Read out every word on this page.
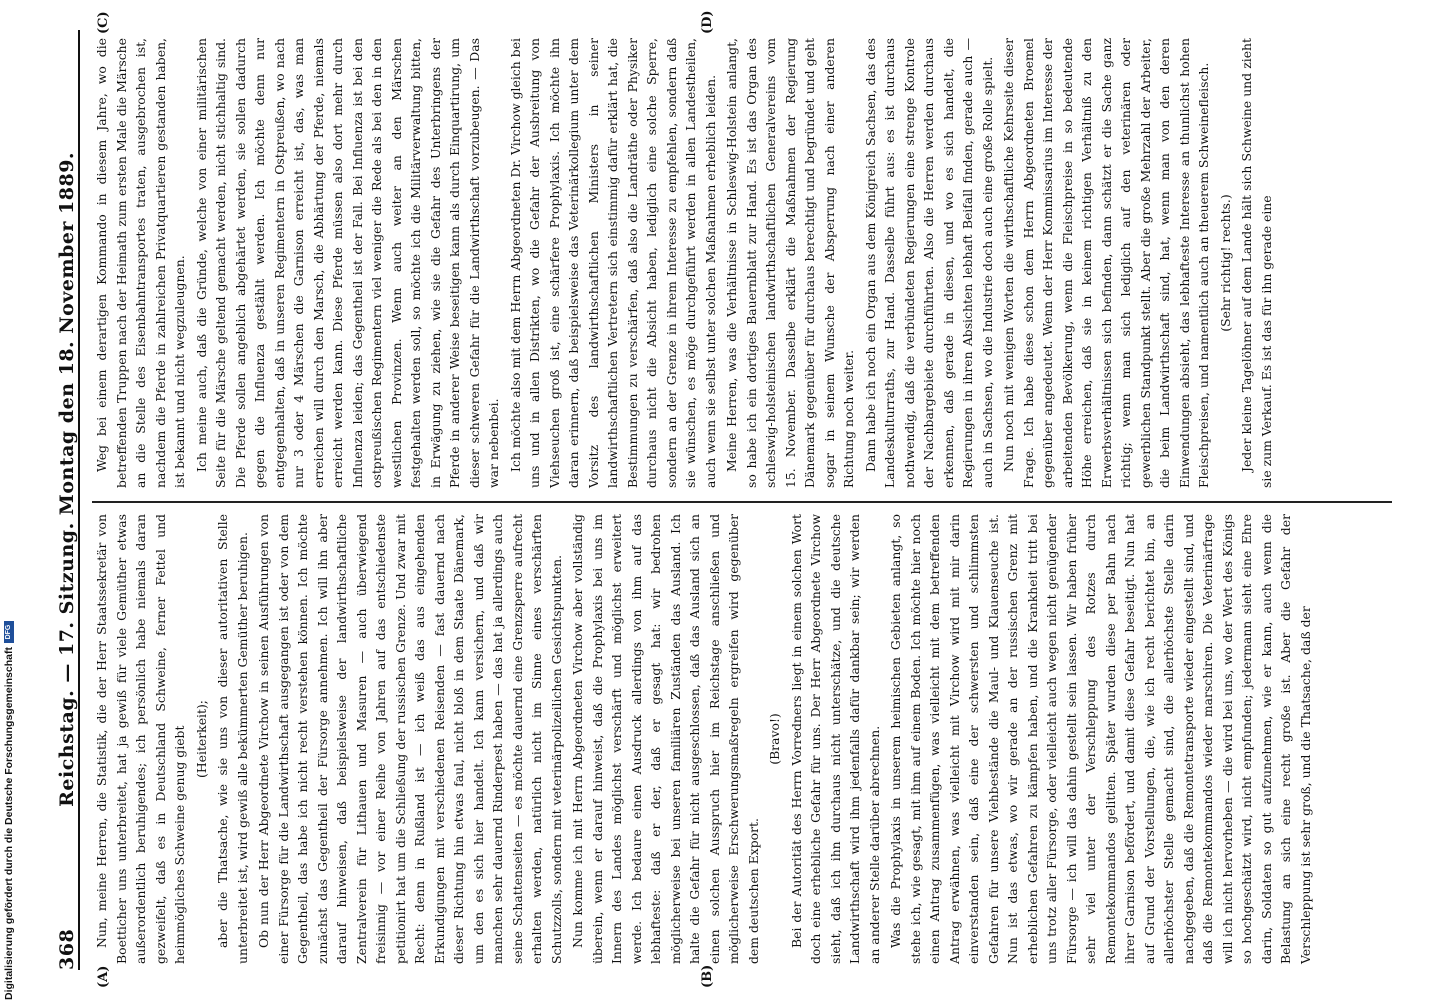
368
Reichstag. — 17. Sitzung. Montag den 18. November 1889.
(A)	(B)
(C)	(D)

Nun, meine Herren, die Statistik, die der Herr Staatssekretär von Boetticher uns unterbreitet, hat ja gewiß für viele Gemüther etwas außerordentlich beruhigendes; ich persönlich habe niemals daran gezweifelt, daß es in Deutschland Schweine, ferner Fettel und heimmögliches Schweine genug giebt (Heiterkeit); aber die Thatsache, wie sie uns von dieser autoritativen Stelle unterbreitet ist, wird gewiß alle bekümmerten Gemüther beruhigen. Ob nun der Herr Abgeordnete Virchow in seinen Ausführungen von einer Fürsorge für die Landwirthschaft ausgegangen ist oder von dem Gegentheil, das habe ich nicht recht verstehen können. Ich möchte zunächst das Gegentheil der Fürsorge annehmen. Ich will ihn aber darauf hinweisen, daß beispielsweise der landwirthschaftliche Zentralverein für Lithauen und Masuren — auch überwiegend freisinnig — vor einer Reihe von Jahren auf das entschiedenste petitionirt hat um die Schließung der russischen Grenze. Und zwar mit Recht: denn in Rußland ist — ich weiß das aus eingehenden Erkundigungen mit verschiedenen Reisenden — fast dauernd nach dieser Richtung hin etwas faul, nicht bloß in dem Staate Dänemark, um den es sich hier handelt. Ich kann versichern, und daß wir manchen sehr dauernd Rinderpest haben — das hat ja allerdings auch seine Schattenseiten — es möchte dauernd eine Grenzsperre aufrecht erhalten werden, natürlich nicht im Sinne eines verschärften Schutzzolls, sondern mit veterinärpolizeilichen Gesichtspunkten. Nun komme ich mit Herrn Abgeordneten Virchow aber vollständig überein, wenn er darauf hinweist, daß die Prophylaxis bei uns im Innern des Landes möglichst verschärft und möglichst erweitert werde. Ich bedaure einen Ausdruck allerdings von ihm auf das lebhafteste: daß er der, daß er gesagt hat: wir bedrohen möglicherweise bei unseren familiären Zuständen das Ausland. Ich halte die Gefahr für nicht ausgeschlossen, daß das Ausland sich an einen solchen Ausspruch hier im Reichstage anschließen und möglicherweise Erschwerungsmaßregeln ergreifen wird gegenüber dem deutschen Export.

(Bravo!) Bei der Autorität des Herrn Vorredners liegt in einem solchen Wort doch eine erhebliche Gefahr für uns. Der Herr Abgeordnete Virchow sieht, daß ich ihn durchaus nicht unterschätze, und die deutsche Landwirthschaft wird ihm jedenfalls dafür dankbar sein; wir werden an anderer Stelle darüber abrechnen. Was die Prophylaxis in unserem heimischen Gebieten anlangt, so stehe ich, wie gesagt, mit ihm auf einem Boden. Ich möchte hier noch einen Antrag zusammenfügen, was vielleicht mit dem betreffenden Antrag erwähnen, was vielleicht mit Virchow wird mit mir darin einverstanden sein, daß eine der schwersten und schlimmsten Gefahren für unsere Viehbestände die Maul- und Klauenseuche ist. Nun ist das etwas, wo wir gerade an der russischen Grenz mit erheblichen Gefahren zu kämpfen haben, und die Krankheit tritt bei uns trotz aller Fürsorge, oder vielleicht auch wegen nicht genügender Fürsorge — ich will das dahin gestellt sein lassen. Wir haben früher sehr viel unter der Verschleppung des Rotzes durch Remontekommandos gelitten. Später wurden diese per Bahn nach ihrer Garnison befördert, und damit diese Gefahr beseitigt. Nun hat auf Grund der Vorstellungen, die, wie ich recht berichtet bin, an allerhöchster Stelle gemacht sind, die allerhöchste Stelle darin nachgegeben, daß die Remontetransporte wieder eingestellt sind, und daß die Remontekommandos wieder marschiren. Die Veterinärfrage will ich nicht hervorheben — die wird bei uns, wo der Wert des Königs so hochgeschätzt wird, nicht empfunden; jedermann sieht eine Ehre darin, Soldaten so gut aufzunehmen, wie er kann, auch wenn die Belastung an sich eine recht große ist. Aber die Gefahr der Verschleppung ist sehr groß, und die Thatsache, daß der

Weg bei einem derartigen Kommando in diesem Jahre, wo die betreffenden Truppen nach der Heimath zum ersten Male die Märsche an die Stelle des Eisenbahntransportes traten, ausgebrochen ist, nachdem die Pferde in zahlreichen Privatquartieren gestanden haben, ist bekannt und nicht wegzuleugnen. Ich meine auch, daß die Gründe, welche von einer militärischen Seite für die Märsche geltend gemacht werden, nicht stichhaltig sind. Die Pferde sollen angeblich abgehärtet werden, sie sollen dadurch gegen die Influenza gestählt werden. Ich möchte denn nur entgegenhalten, daß in unseren Regimentern in Ostpreußen, wo nach nur 3 oder 4 Märschen die Garnison erreicht ist, das, was man erreichen will durch den Marsch, die Abhärtung der Pferde, niemals erreicht werden kann. Diese Pferde müssen also dort mehr durch Influenza leiden; das Gegentheil ist der Fall. Bei Influenza ist bei den ostpreußischen Regimentern viel weniger die Rede als bei den in den westlichen Provinzen. Wenn auch weiter an den Märschen festgehalten werden soll, so möchte ich die Militärverwaltung bitten, in Erwägung zu ziehen, wie sie die Gefahr des Unterbringens der Pferde in anderer Weise beseitigen kann als durch Einquartirung, um dieser schweren Gefahr für die Landwirthschaft vorzubeugen. — Das war nebenbei. Ich möchte also mit dem Herrn Abgeordneten Dr. Virchow gleich bei uns und in allen Distrikten, wo die Gefahr der Ausbreitung von Viehseuchen groß ist, eine schärfere Prophylaxis. Ich möchte ihn daran erinnern, daß beispielsweise das Veterinärkollegium unter dem Vorsitz des landwirthschaftlichen Ministers in seiner landwirthschaftlichen Vertretern sich einstimmig dafür erklärt hat, die Bestimmungen zu verschärfen, daß also die Landräthe oder Physiker durchaus nicht die Absicht haben, lediglich eine solche Sperre, sondern an der Grenze in ihrem Interesse zu empfehlen, sondern daß sie wünschen, es möge durchgeführt werden in allen Landestheilen, auch wenn sie selbst unter solchen Maßnahmen erheblich leiden. Meine Herren, was die Verhältnisse in Schleswig-Holstein anlangt, so habe ich ein dortiges Bauernblatt zur Hand. Es ist das Organ des schleswig-holsteinischen landwirthschaftlichen Generalvereins vom 15. November. Dasselbe erklärt die Maßnahmen der Regierung Dänemark gegenüber für durchaus berechtigt und begründet und geht sogar in seinem Wunsche der Absperrung nach einer anderen Richtung noch weiter. Dann habe ich noch ein Organ aus dem Königreich Sachsen, das des Landeskulturraths, zur Hand. Dasselbe führt aus: es ist durchaus nothwendig, daß die verbündeten Regierungen eine strenge Kontrole der Nachbargebiete durchführten. Also die Herren werden durchaus erkennen, daß gerade in diesen, und wo es sich handelt, die Regierungen in ihren Absichten lebhaft Beifall finden, gerade auch — auch in Sachsen, wo die Industrie doch auch eine große Rolle spielt. Nun noch mit wenigen Worten die wirthschaftliche Kehrseite dieser Frage. Ich habe diese schon dem Herrn Abgeordneten Broemel gegenüber angedeutet. Wenn der Herr Kommissarius im Interesse der arbeitenden Bevölkerung, wenn die Fleischpreise in so bedeutende Höhe erreichen, daß sie in keinem richtigen Verhältniß zu den Erwerbsverhältnissen sich befinden, dann schätzt er die Sache ganz richtig; wenn man sich lediglich auf den veterinären oder gewerblichen Standpunkt stellt. Aber die große Mehrzahl der Arbeiter, die beim Landwirthschaft sind, hat, wenn man von den deren Einwendungen absieht, das lebhafteste Interesse an thunlichst hohen Fleischpreisen, und namentlich auch an theuerem Schweinefleisch. (Sehr richtig! rechts.) Jeder kleine Tagelöhner auf dem Lande hält sich Schweine und zieht sie zum Verkauf. Es ist das für ihn gerade eine

Digitalisierung gefördert durch die Deutsche Forschungsgemeinschaft
DFG
